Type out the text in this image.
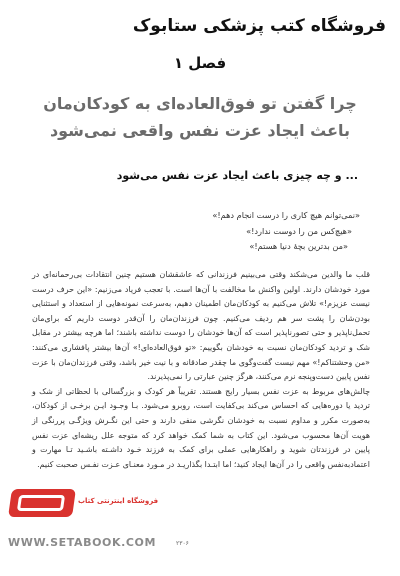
فروشگاه کتب پزشکی ستابوک
فصل ۱
چرا گفتن تو فوق‌العاده‌ای به کودکان‌مان
باعث ایجاد عزت نفس واقعی نمی‌شود
... و چه چیزی باعث ایجاد عزت نفس می‌شود
«نمی‌توانم هیچ کاری را درست انجام دهم!»
«هیچ‌کس من را دوست ندارد!»
«من بدترین بچۀ دنیا هستم!»

قلب ما والدین می‌شکند وقتی می‌بینیم فرزندانی که عاشقشان هستیم چنین انتقادات بی‌رحمانه‌ای در مورد خودشان دارند. اولین واکنش ما مخالفت با آن‌ها است. با تعجب فریاد می‌زنیم: «این حرف درست نیست عزیزم!» تلاش می‌کنیم به کودکان‌مان اطمینان دهیم، به‌سرعت نمونه‌هایی از استعداد و استثنایی بودن‌شان را پشت سر هم ردیف می‌کنیم. چون فرزندان‌مان را آن‌قدر دوست داریم که برای‌مان تحمل‌ناپذیر و حتی تصورناپذیر است که آن‌ها خودشان را دوست نداشته باشند؛ اما هرچه بیشتر در مقابل شک و تردید کودکان‌مان نسبت به خودشان بگوییم: «تو فوق‌العاده‌ای!» آن‌ها بیشتر پافشاری می‌کنند: «من وحشتناکم!» مهم نیست گفت‌وگوی ما چقدر صادقانه و با نیت خیر باشد، وقتی فرزندان‌مان با عزت نفس پایین دست‌وپنجه نرم می‌کنند، هرگز چنین عبارتی را نمی‌پذیرند.

چالش‌های مربوط به عزت نفس بسیار رایج هستند. تقریباً هر کودک و بزرگسالی با لحظاتی از شک و تردید یا دوره‌هایی که احساس می‌کند بی‌کفایت است، روبرو می‌شود. بـا وجـود ایـن برخـی از کودکان، به‌صورت مکرر و مداوم نسبت به خودشان نگرشی منفی دارند و حتی این نگـرش ویژگـی پررنگی از هویت آن‌ها محسوب می‌شود. این کتاب به شما کمک خواهد کرد که متوجه علل ریشه‌ای عزت نفس پایین در فرزندتان شوید و راهکارهایی عملی برای کمک به فرزند خـود داشـته باشـید تـا مهارت و اعتمادبه‌نفس واقعی را در آن‌ها ایجاد کنید؛ اما ابتـدا بگذاریـد در مـورد معنـای عـزت نفـس صحبت کنیم.

۲۳۰۶
فروشگاه اینترنتی کتاب
WWW.SETABOOK.COM
